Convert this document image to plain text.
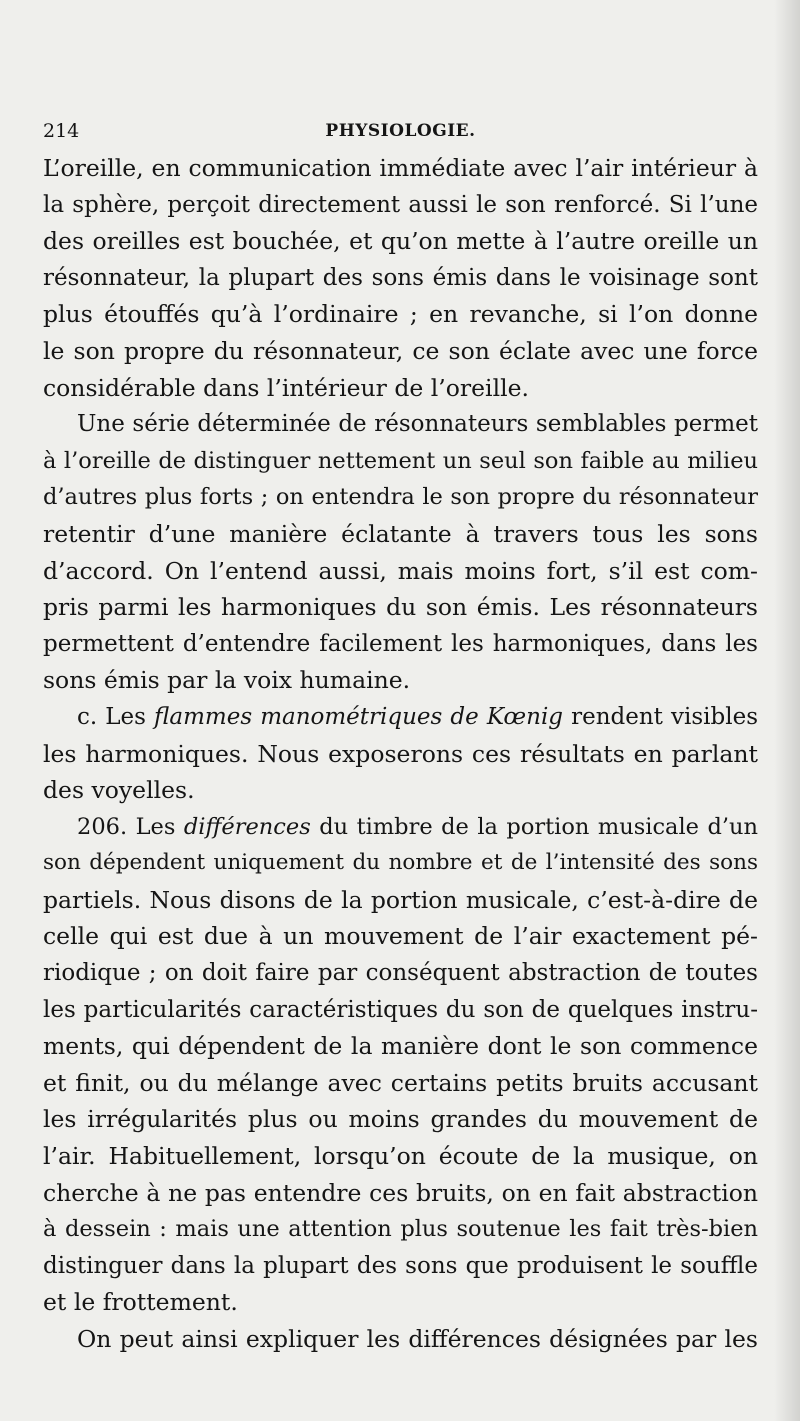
214	PHYSIOLOGIE.
L’oreille, en communication immédiate avec l’air intérieur à
la sphère, perçoit directement aussi le son renforcé. Si l’une
des oreilles est bouchée, et qu’on mette à l’autre oreille un
résonnateur, la plupart des sons émis dans le voisinage sont
plus étouffés qu’à l’ordinaire ; en revanche, si l’on donne
le son propre du résonnateur, ce son éclate avec une force
considérable dans l’intérieur de l’oreille.
Une série déterminée de résonnateurs semblables permet
à l’oreille de distinguer nettement un seul son faible au milieu
d’autres plus forts ; on entendra le son propre du résonnateur
retentir d’une manière éclatante à travers tous les sons
d’accord. On l’entend aussi, mais moins fort, s’il est com-
pris parmi les harmoniques du son émis. Les résonnateurs
permettent d’entendre facilement les harmoniques, dans les
sons émis par la voix humaine.
c. Les flammes manométriques de Kœnig rendent visibles
les harmoniques. Nous exposerons ces résultats en parlant
des voyelles.
206. Les différences du timbre de la portion musicale d’un
son dépendent uniquement du nombre et de l’intensité des sons
partiels. Nous disons de la portion musicale, c’est-à-dire de
celle qui est due à un mouvement de l’air exactement pé-
riodique ; on doit faire par conséquent abstraction de toutes
les particularités caractéristiques du son de quelques instru-
ments, qui dépendent de la manière dont le son commence
et finit, ou du mélange avec certains petits bruits accusant
les irrégularités plus ou moins grandes du mouvement de
l’air. Habituellement, lorsqu’on écoute de la musique, on
cherche à ne pas entendre ces bruits, on en fait abstraction
à dessein : mais une attention plus soutenue les fait très-bien
distinguer dans la plupart des sons que produisent le souffle
et le frottement.
On peut ainsi expliquer les différences désignées par les
